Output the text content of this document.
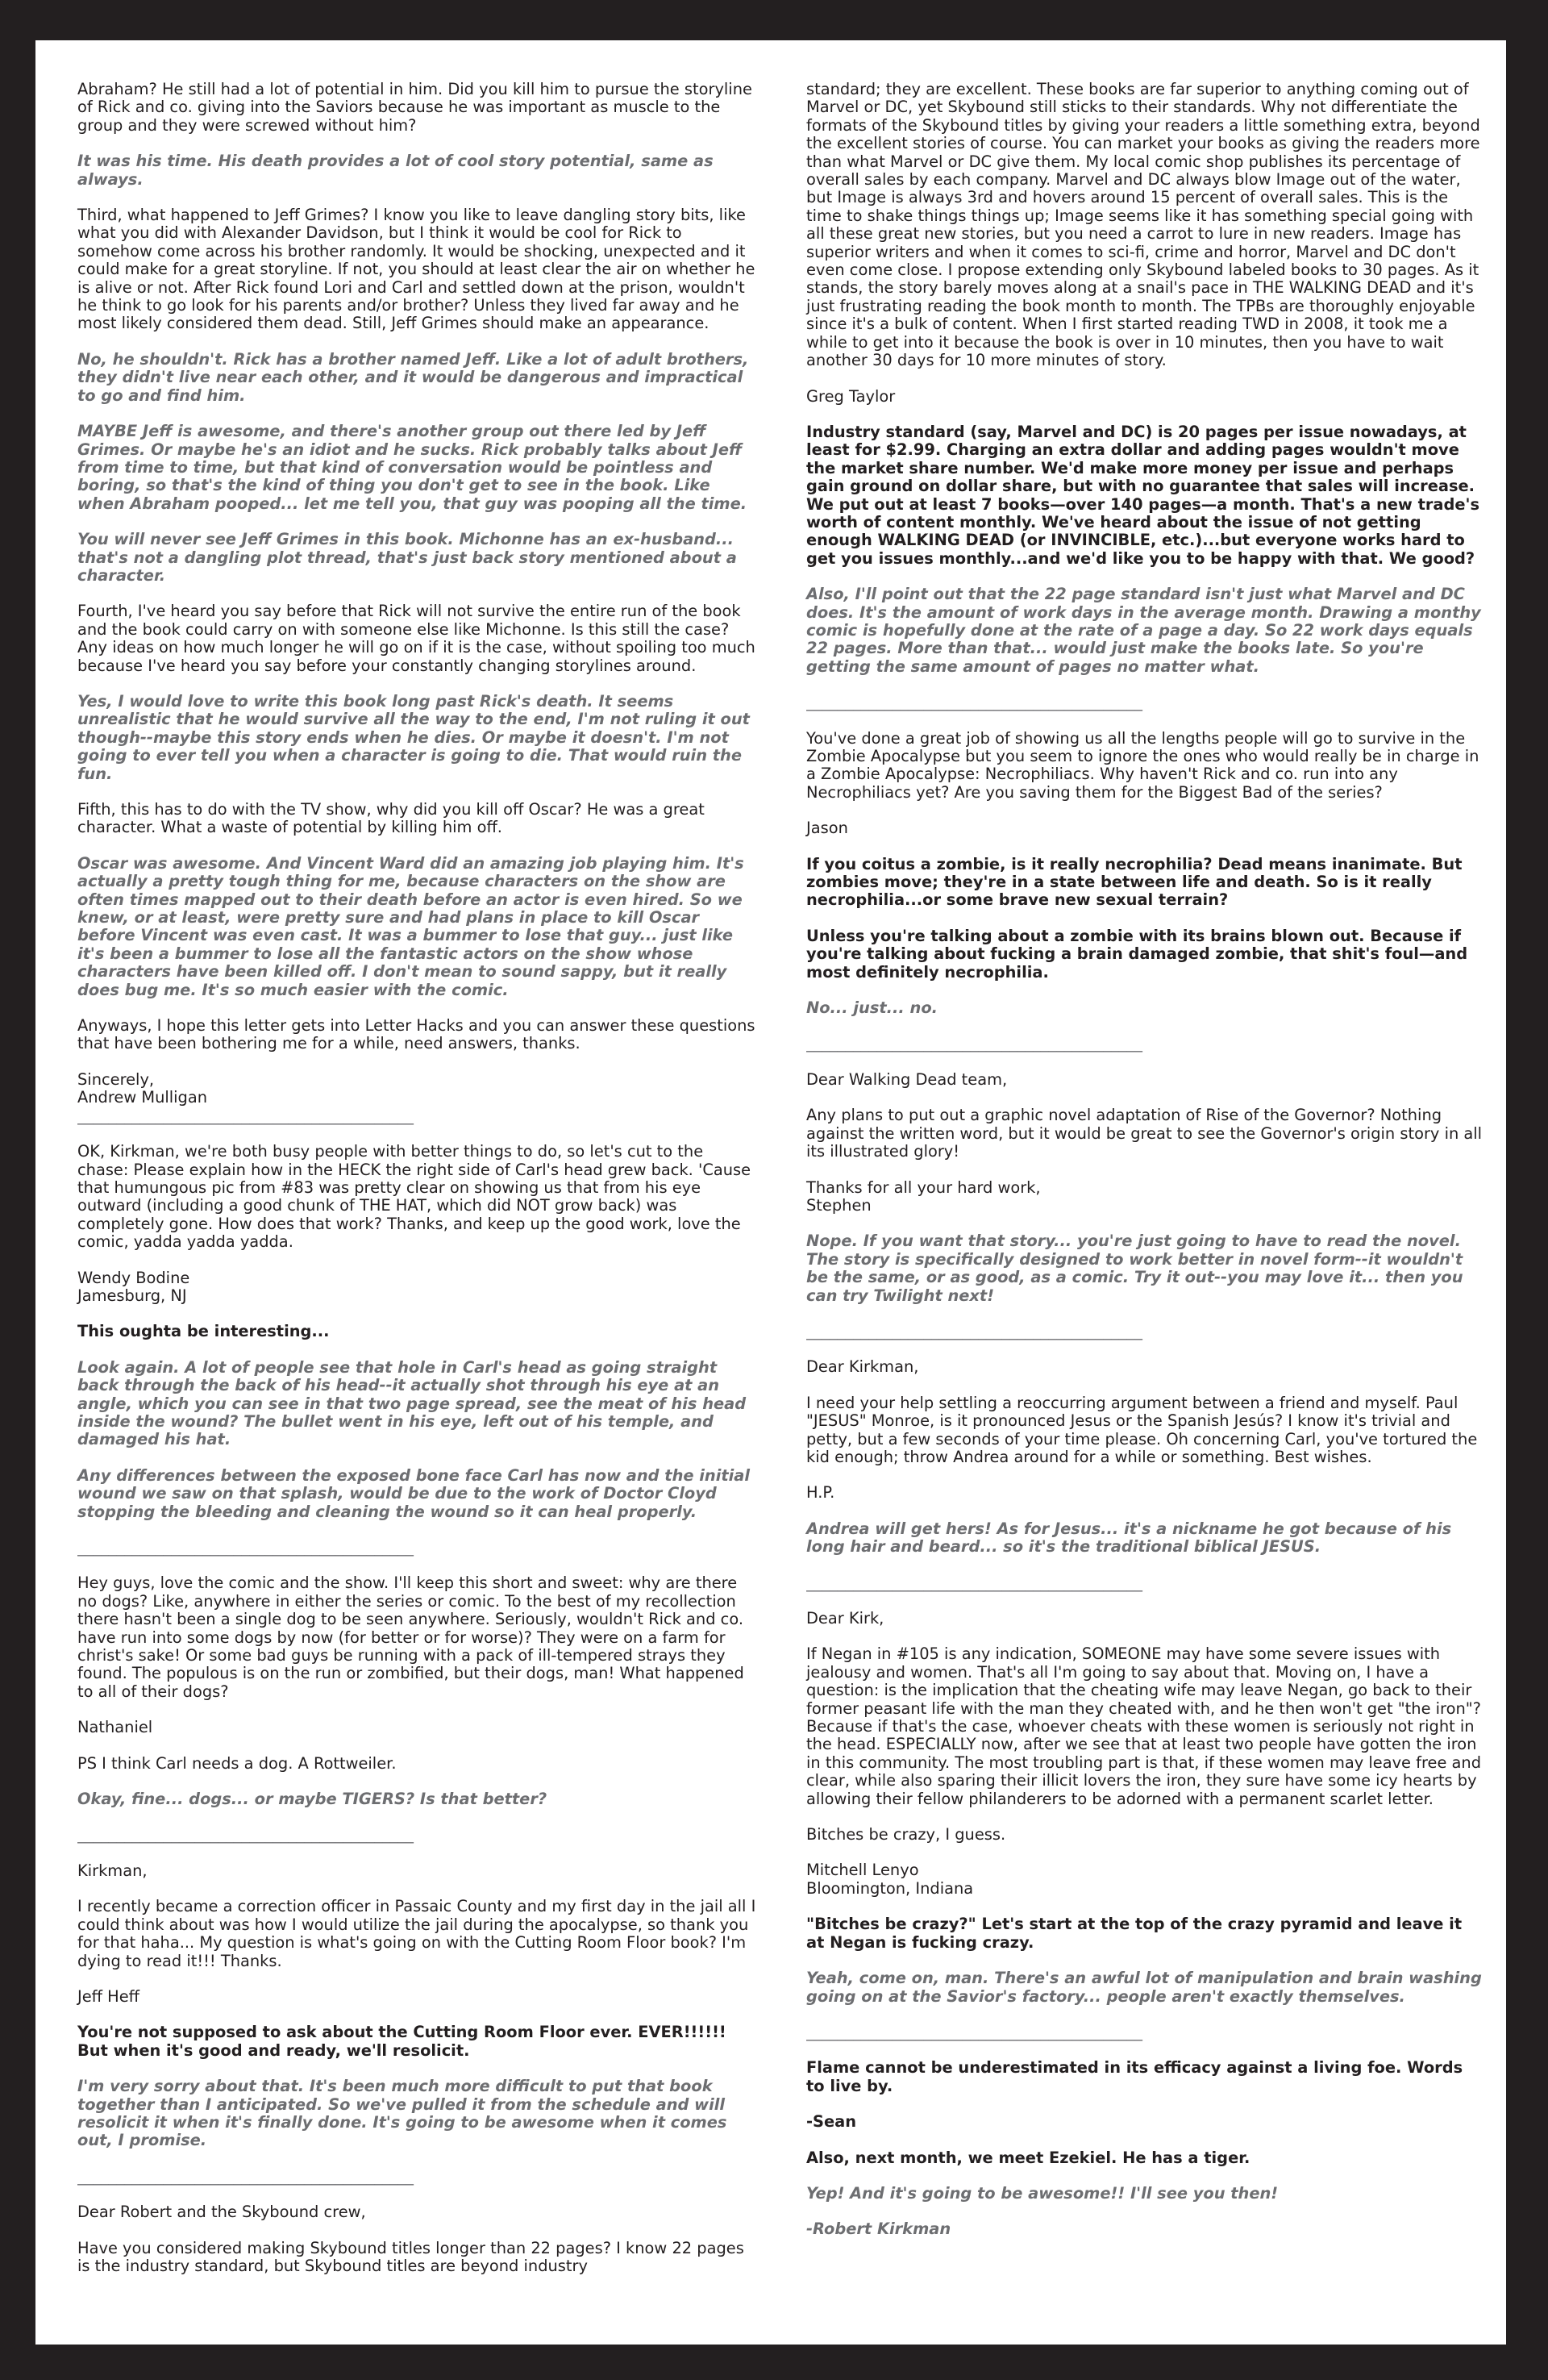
Abraham? He still had a lot of potential in him. Did you kill him to pursue the storyline of Rick and co. giving into the Saviors because he was important as muscle to the group and they were screwed without him?

It was his time. His death provides a lot of cool story potential, same as always.

Third, what happened to Jeff Grimes? I know you like to leave dangling story bits, like what you did with Alexander Davidson, but I think it would be cool for Rick to somehow come across his brother randomly. It would be shocking, unexpected and it could make for a great storyline. If not, you should at least clear the air on whether he is alive or not. After Rick found Lori and Carl and settled down at the prison, wouldn't he think to go look for his parents and/or brother? Unless they lived far away and he most likely considered them dead. Still, Jeff Grimes should make an appearance.

No, he shouldn't. Rick has a brother named Jeff. Like a lot of adult brothers, they didn't live near each other, and it would be dangerous and impractical to go and find him.

MAYBE Jeff is awesome, and there's another group out there led by Jeff Grimes. Or maybe he's an idiot and he sucks. Rick probably talks about Jeff from time to time, but that kind of conversation would be pointless and boring, so that's the kind of thing you don't get to see in the book. Like when Abraham pooped... let me tell you, that guy was pooping all the time.

You will never see Jeff Grimes in this book. Michonne has an ex-husband... that's not a dangling plot thread, that's just back story mentioned about a character.

Fourth, I've heard you say before that Rick will not survive the entire run of the book and the book could carry on with someone else like Michonne. Is this still the case? Any ideas on how much longer he will go on if it is the case, without spoiling too much because I've heard you say before your constantly changing storylines around.

Yes, I would love to write this book long past Rick's death. It seems unrealistic that he would survive all the way to the end, I'm not ruling it out though--maybe this story ends when he dies. Or maybe it doesn't. I'm not going to ever tell you when a character is going to die. That would ruin the fun.

Fifth, this has to do with the TV show, why did you kill off Oscar? He was a great character. What a waste of potential by killing him off.

Oscar was awesome. And Vincent Ward did an amazing job playing him. It's actually a pretty tough thing for me, because characters on the show are often times mapped out to their death before an actor is even hired. So we knew, or at least, were pretty sure and had plans in place to kill Oscar before Vincent was even cast. It was a bummer to lose that guy... just like it's been a bummer to lose all the fantastic actors on the show whose characters have been killed off. I don't mean to sound sappy, but it really does bug me. It's so much easier with the comic.

Anyways, I hope this letter gets into Letter Hacks and you can answer these questions that have been bothering me for a while, need answers, thanks.

Sincerely,

Andrew Mulligan

___________________________________________

OK, Kirkman, we're both busy people with better things to do, so let's cut to the chase: Please explain how in the HECK the right side of Carl's head grew back. 'Cause that humungous pic from #83 was pretty clear on showing us that from his eye outward (including a good chunk of THE HAT, which did NOT grow back) was completely gone. How does that work? Thanks, and keep up the good work, love the comic, yadda yadda yadda.

Wendy Bodine

Jamesburg, NJ

This oughta be interesting...

Look again. A lot of people see that hole in Carl's head as going straight back through the back of his head--it actually shot through his eye at an angle, which you can see in that two page spread, see the meat of his head inside the wound? The bullet went in his eye, left out of his temple, and damaged his hat.

Any differences between the exposed bone face Carl has now and the initial wound we saw on that splash, would be due to the work of Doctor Cloyd stopping the bleeding and cleaning the wound so it can heal properly.

___________________________________________

Hey guys, love the comic and the show. I'll keep this short and sweet: why are there no dogs? Like, anywhere in either the series or comic. To the best of my recollection there hasn't been a single dog to be seen anywhere. Seriously, wouldn't Rick and co. have run into some dogs by now (for better or for worse)? They were on a farm for christ's sake! Or some bad guys be running with a pack of ill-tempered strays they found. The populous is on the run or zombified, but their dogs, man! What happened to all of their dogs?

Nathaniel

PS I think Carl needs a dog. A Rottweiler.

Okay, fine... dogs... or maybe TIGERS? Is that better?

___________________________________________

Kirkman,

I recently became a correction officer in Passaic County and my first day in the jail all I could think about was how I would utilize the jail during the apocalypse, so thank you for that haha... My question is what's going on with the Cutting Room Floor book? I'm dying to read it!!! Thanks.

Jeff Heff

You're not supposed to ask about the Cutting Room Floor ever. EVER!!!!!! But when it's good and ready, we'll resolicit.

I'm very sorry about that. It's been much more difficult to put that book together than I anticipated. So we've pulled it from the schedule and will resolicit it when it's finally done. It's going to be awesome when it comes out, I promise.

___________________________________________

Dear Robert and the Skybound crew,

Have you considered making Skybound titles longer than 22 pages? I know 22 pages is the industry standard, but Skybound titles are beyond industry

standard; they are excellent. These books are far superior to anything coming out of Marvel or DC, yet Skybound still sticks to their standards. Why not differentiate the formats of the Skybound titles by giving your readers a little something extra, beyond the excellent stories of course. You can market your books as giving the readers more than what Marvel or DC give them. My local comic shop publishes its percentage of overall sales by each company. Marvel and DC always blow Image out of the water, but Image is always 3rd and hovers around 15 percent of overall sales. This is the time to shake things things up; Image seems like it has something special going with all these great new stories, but you need a carrot to lure in new readers. Image has superior writers and when it comes to sci-fi, crime and horror, Marvel and DC don't even come close. I propose extending only Skybound labeled books to 30 pages. As it stands, the story barely moves along at a snail's pace in THE WALKING DEAD and it's just frustrating reading the book month to month. The TPBs are thoroughly enjoyable since it's a bulk of content. When I first started reading TWD in 2008, it took me a while to get into it because the book is over in 10 minutes, then you have to wait another 30 days for 10 more minutes of story.

Greg Taylor

Industry standard (say, Marvel and DC) is 20 pages per issue nowadays, at least for $2.99. Charging an extra dollar and adding pages wouldn't move the market share number. We'd make more money per issue and perhaps gain ground on dollar share, but with no guarantee that sales will increase. We put out at least 7 books—over 140 pages—a month. That's a new trade's worth of content monthly. We've heard about the issue of not getting enough WALKING DEAD (or INVINCIBLE, etc.)...but everyone works hard to get you issues monthly...and we'd like you to be happy with that. We good?

Also, I'll point out that the 22 page standard isn't just what Marvel and DC does. It's the amount of work days in the average month. Drawing a monthy comic is hopefully done at the rate of a page a day. So 22 work days equals 22 pages. More than that... would just make the books late. So you're getting the same amount of pages no matter what.

___________________________________________

You've done a great job of showing us all the lengths people will go to survive in the Zombie Apocalypse but you seem to ignore the ones who would really be in charge in a Zombie Apocalypse: Necrophiliacs. Why haven't Rick and co. run into any Necrophiliacs yet? Are you saving them for the Biggest Bad of the series?

Jason

If you coitus a zombie, is it really necrophilia? Dead means inanimate. But zombies move; they're in a state between life and death. So is it really necrophilia...or some brave new sexual terrain?

Unless you're talking about a zombie with its brains blown out. Because if you're talking about fucking a brain damaged zombie, that shit's foul—and most definitely necrophilia.

No... just... no.

___________________________________________

Dear Walking Dead team,

Any plans to put out a graphic novel adaptation of Rise of the Governor? Nothing against the written word, but it would be great to see the Governor's origin story in all its illustrated glory!

Thanks for all your hard work,

Stephen

Nope. If you want that story... you're just going to have to read the novel. The story is specifically designed to work better in novel form--it wouldn't be the same, or as good, as a comic. Try it out--you may love it... then you can try Twilight next!

___________________________________________

Dear Kirkman,

I need your help settling a reoccurring argument between a friend and myself. Paul "JESUS" Monroe, is it pronounced Jesus or the Spanish Jesús? I know it's trivial and petty, but a few seconds of your time please. Oh concerning Carl, you've tortured the kid enough; throw Andrea around for a while or something. Best wishes.

H.P.

Andrea will get hers! As for Jesus... it's a nickname he got because of his long hair and beard... so it's the traditional biblical JESUS.

___________________________________________

Dear Kirk,

If Negan in #105 is any indication, SOMEONE may have some severe issues with jealousy and women. That's all I'm going to say about that. Moving on, I have a question: is the implication that the cheating wife may leave Negan, go back to their former peasant life with the man they cheated with, and he then won't get "the iron"? Because if that's the case, whoever cheats with these women is seriously not right in the head. ESPECIALLY now, after we see that at least two people have gotten the iron in this community. The most troubling part is that, if these women may leave free and clear, while also sparing their illicit lovers the iron, they sure have some icy hearts by allowing their fellow philanderers to be adorned with a permanent scarlet letter.

Bitches be crazy, I guess.

Mitchell Lenyo

Bloomington, Indiana

"Bitches be crazy?" Let's start at the top of the crazy pyramid and leave it at Negan is fucking crazy.

Yeah, come on, man. There's an awful lot of manipulation and brain washing going on at the Savior's factory... people aren't exactly themselves.

___________________________________________

Flame cannot be underestimated in its efficacy against a living foe. Words to live by.

-Sean

Also, next month, we meet Ezekiel. He has a tiger.

Yep! And it's going to be awesome!! I'll see you then!

-Robert Kirkman
